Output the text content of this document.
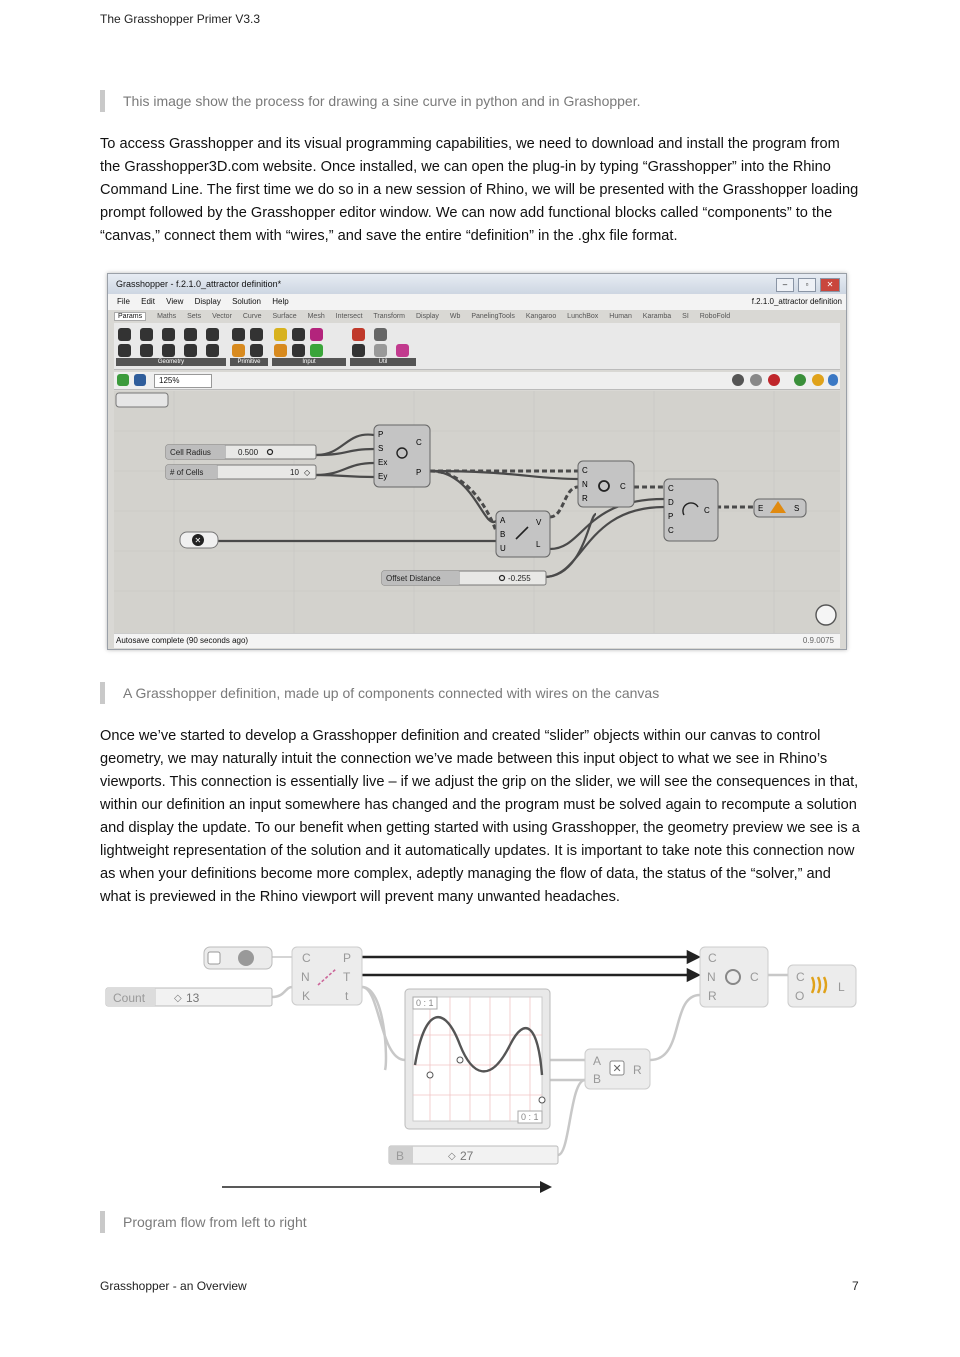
The Grasshopper Primer V3.3
This image show the process for drawing a sine curve in python and in Grashopper.

To access Grasshopper and its visual programming capabilities, we need to download and install the program from the Grasshopper3D.com website. Once installed, we can open the plug-in by typing “Grasshopper” into the Rhino Command Line. The first time we do so in a new session of Rhino, we will be presented with the Grasshopper loading prompt followed by the Grasshopper editor window. We can now add functional blocks called “components” to the “canvas,” connect them with “wires,” and save the entire “definition” in the .ghx file format.

Grasshopper - f.2.1.0_attractor definition*	–	▫	✕
File Edit View Display Solution Help	f.2.1.0_attractor definition
Params Maths Sets Vector Curve Surface Mesh Intersect Transform Display Wb PanelingTools Kangaroo LunchBox Human Karamba SI RoboFold
Geometry	Primitive	Input	Util
125%
Cell Radius	0.500
# of Cells	10 ◇
✕
Offset Distance	-0.255
P
S
Ex
Ey
C
P	C
N
R
C
A
B
U
V
L
C
D
P
C
C	E	S
Autosave complete (90 seconds ago)	0.9.0075
A Grasshopper definition, made up of components connected with wires on the canvas

Once we’ve started to develop a Grasshopper definition and created “slider” objects within our canvas to control geometry, we may naturally intuit the connection we’ve made between this input object to what we see in Rhino’s viewports. This connection is essentially live – if we adjust the grip on the slider, we will see the consequences in that, within our definition an input somewhere has changed and the program must be solved again to recompute a solution and display the update. To our benefit when getting started with using Grasshopper, the geometry preview we see is a lightweight representation of the solution and it automatically updates. It is important to take note this connection now as when your definitions become more complex, adeptly managing the flow of data, the status of the “solver,” and what is previewed in the Rhino viewport will prevent many unwanted headaches.

Count	◇ 13
C
N
K
P
T
t	0 : 1
0 : 1
A
B
R
✕
B	◇ 27
C
N
R
C	C
O
L
Program flow from left to right
Grasshopper - an Overview	7
